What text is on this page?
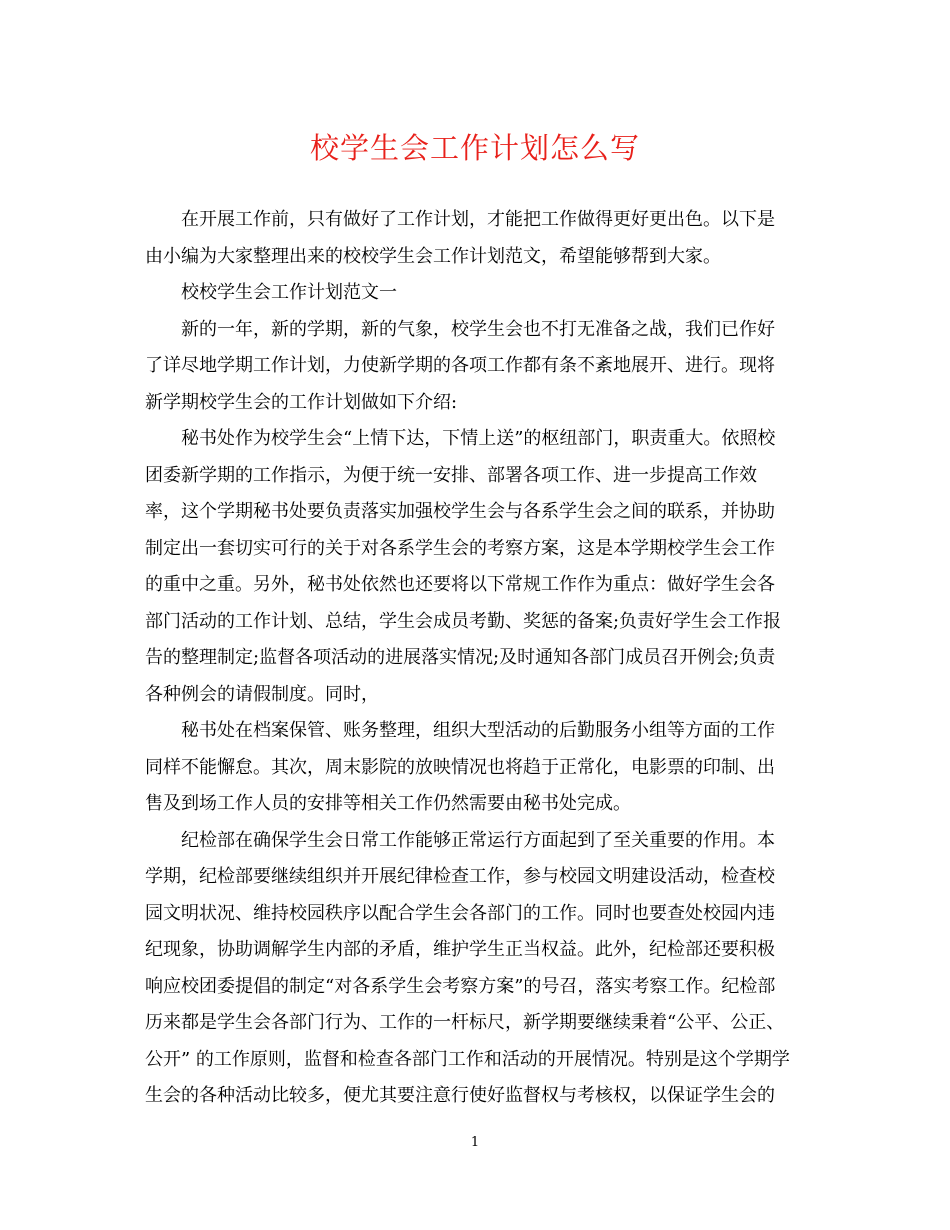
校学生会工作计划怎么写
在开展工作前，只有做好了工作计划，才能把工作做得更好更出色。以下是
由小编为大家整理出来的校校学生会工作计划范文，希望能够帮到大家。
校校学生会工作计划范文一
新的一年，新的学期，新的气象，校学生会也不打无准备之战，我们已作好
了详尽地学期工作计划，力使新学期的各项工作都有条不紊地展开、进行。现将
新学期校学生会的工作计划做如下介绍:
秘书处作为校学生会“上情下达，下情上送”的枢纽部门，职责重大。依照校
团委新学期的工作指示，为便于统一安排、部署各项工作、进一步提高工作效
率，这个学期秘书处要负责落实加强校学生会与各系学生会之间的联系，并协助
制定出一套切实可行的关于对各系学生会的考察方案，这是本学期校学生会工作
的重中之重。另外，秘书处依然也还要将以下常规工作作为重点：做好学生会各
部门活动的工作计划、总结，学生会成员考勤、奖惩的备案;负责好学生会工作报
告的整理制定;监督各项活动的进展落实情况;及时通知各部门成员召开例会;负责
各种例会的请假制度。同时，
秘书处在档案保管、账务整理，组织大型活动的后勤服务小组等方面的工作
同样不能懈怠。其次，周末影院的放映情况也将趋于正常化，电影票的印制、出
售及到场工作人员的安排等相关工作仍然需要由秘书处完成。
纪检部在确保学生会日常工作能够正常运行方面起到了至关重要的作用。本
学期，纪检部要继续组织并开展纪律检查工作，参与校园文明建设活动，检查校
园文明状况、维持校园秩序以配合学生会各部门的工作。同时也要查处校园内违
纪现象，协助调解学生内部的矛盾，维护学生正当权益。此外，纪检部还要积极
响应校团委提倡的制定“对各系学生会考察方案”的号召，落实考察工作。纪检部
历来都是学生会各部门行为、工作的一杆标尺，新学期要继续秉着“公平、公正、
公开” 的工作原则，监督和检查各部门工作和活动的开展情况。特别是这个学期学
生会的各种活动比较多，便尤其要注意行使好监督权与考核权，以保证学生会的
1
